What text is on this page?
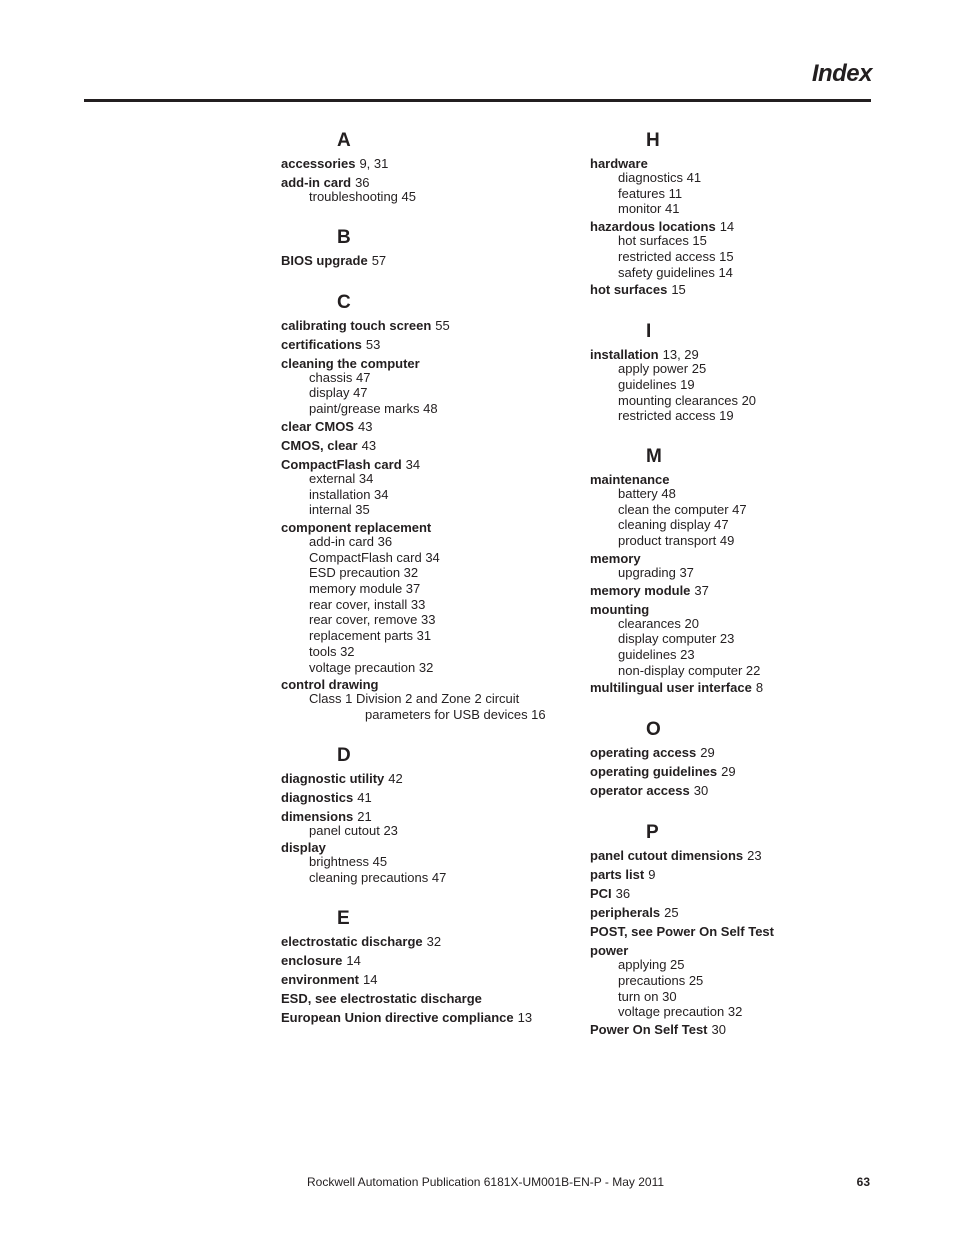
Index
A
accessories 9, 31
add-in card 36
troubleshooting 45
B
BIOS upgrade 57
C
calibrating touch screen 55
certifications 53
cleaning the computer
chassis 47
display 47
paint/grease marks 48
clear CMOS 43
CMOS, clear 43
CompactFlash card 34
external 34
installation 34
internal 35
component replacement
add-in card 36
CompactFlash card 34
ESD precaution 32
memory module 37
rear cover, install 33
rear cover, remove 33
replacement parts 31
tools 32
voltage precaution 32
control drawing
Class 1 Division 2 and Zone 2 circuit
parameters for USB devices 16
D
diagnostic utility 42
diagnostics 41
dimensions 21
panel cutout 23
display
brightness 45
cleaning precautions 47
E
electrostatic discharge 32
enclosure 14
environment 14
ESD, see electrostatic discharge
European Union directive compliance 13
H
hardware
diagnostics 41
features 11
monitor 41
hazardous locations 14
hot surfaces 15
restricted access 15
safety guidelines 14
hot surfaces 15
I
installation 13, 29
apply power 25
guidelines 19
mounting clearances 20
restricted access 19
M
maintenance
battery 48
clean the computer 47
cleaning display 47
product transport 49
memory
upgrading 37
memory module 37
mounting
clearances 20
display computer 23
guidelines 23
non-display computer 22
multilingual user interface 8
O
operating access 29
operating guidelines 29
operator access 30
P
panel cutout dimensions 23
parts list 9
PCI 36
peripherals 25
POST, see Power On Self Test
power
applying 25
precautions 25
turn on 30
voltage precaution 32
Power On Self Test 30
Rockwell Automation Publication 6181X-UM001B-EN-P - May 2011	63
